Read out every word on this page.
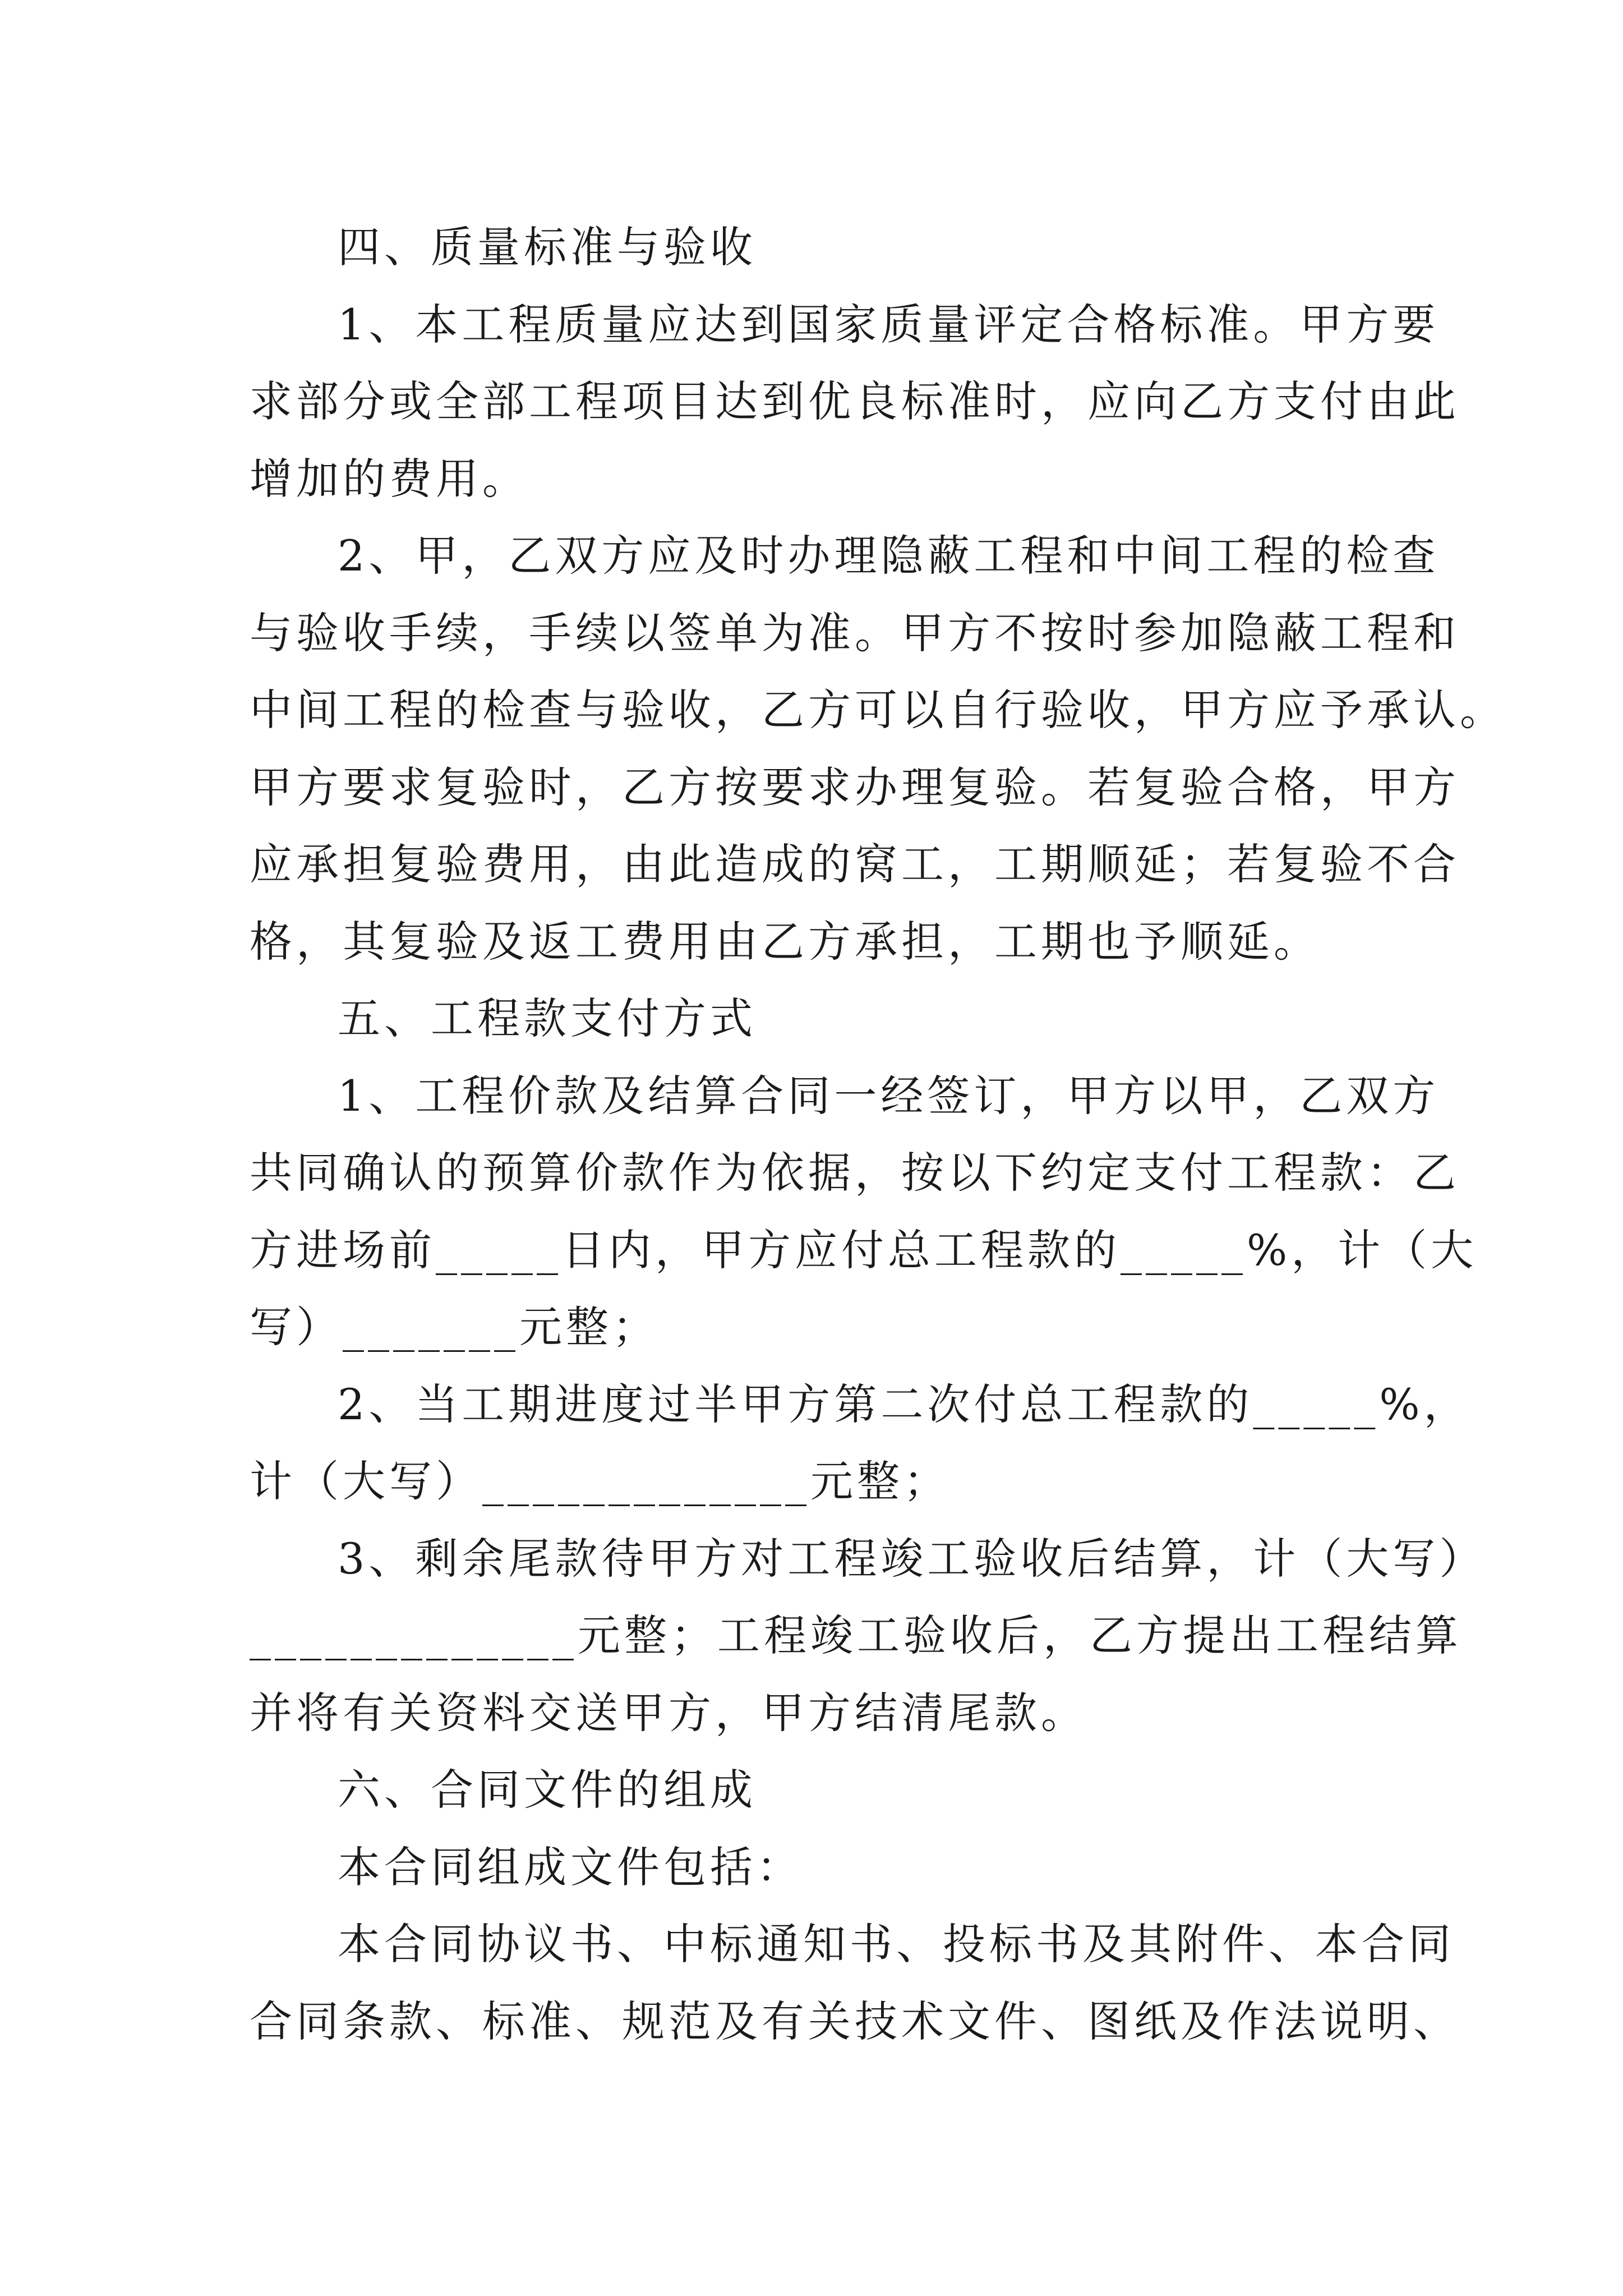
四、质量标准与验收
1、本工程质量应达到国家质量评定合格标准。甲方要
求部分或全部工程项目达到优良标准时，应向乙方支付由此
增加的费用。
2、甲，乙双方应及时办理隐蔽工程和中间工程的检查
与验收手续，手续以签单为准。甲方不按时参加隐蔽工程和
中间工程的检查与验收，乙方可以自行验收，甲方应予承认。
甲方要求复验时，乙方按要求办理复验。若复验合格，甲方
应承担复验费用，由此造成的窝工，工期顺延；若复验不合
格，其复验及返工费用由乙方承担，工期也予顺延。
五、工程款支付方式
1、工程价款及结算合同一经签订，甲方以甲，乙双方
共同确认的预算价款作为依据，按以下约定支付工程款：乙
方进场前_____日内，甲方应付总工程款的_____%，计（大
写）_______元整；
2、当工期进度过半甲方第二次付总工程款的_____%，
计（大写）_____________元整；
3、剩余尾款待甲方对工程竣工验收后结算，计（大写）
_____________元整；工程竣工验收后，乙方提出工程结算
并将有关资料交送甲方，甲方结清尾款。
六、合同文件的组成
本合同组成文件包括：
本合同协议书、中标通知书、投标书及其附件、本合同
合同条款、标准、规范及有关技术文件、图纸及作法说明、
